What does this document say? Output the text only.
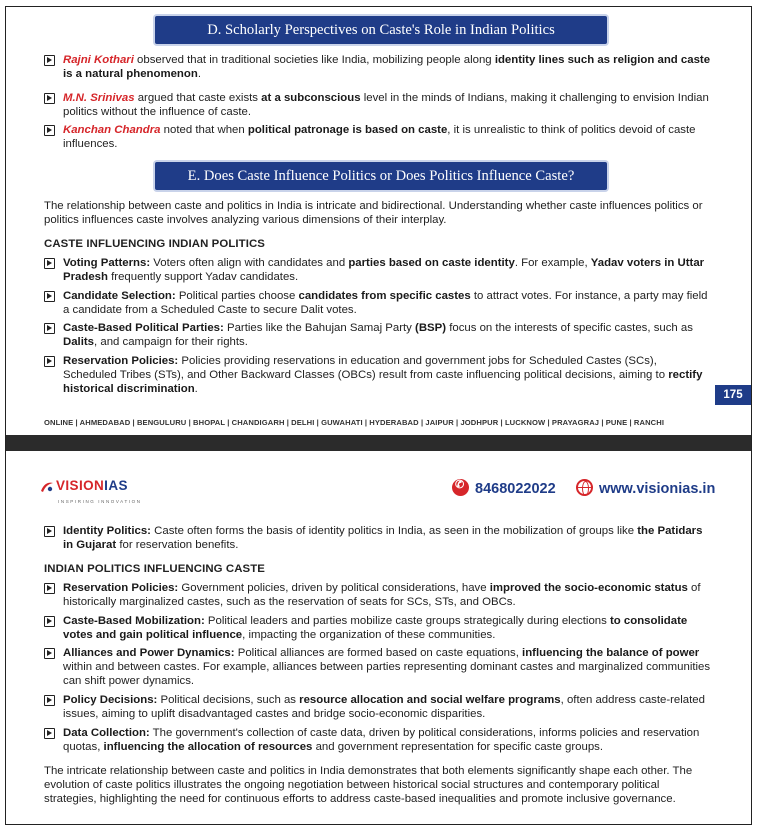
D. Scholarly Perspectives on Caste's Role in Indian Politics
Rajni Kothari observed that in traditional societies like India, mobilizing people along identity lines such as religion and caste is a natural phenomenon.
M.N. Srinivas argued that caste exists at a subconscious level in the minds of Indians, making it challenging to envision Indian politics without the influence of caste.
Kanchan Chandra noted that when political patronage is based on caste, it is unrealistic to think of politics devoid of caste influences.
E. Does Caste Influence Politics or Does Politics Influence Caste?
The relationship between caste and politics in India is intricate and bidirectional. Understanding whether caste influences politics or politics influences caste involves analyzing various dimensions of their interplay.
CASTE INFLUENCING INDIAN POLITICS
Voting Patterns: Voters often align with candidates and parties based on caste identity. For example, Yadav voters in Uttar Pradesh frequently support Yadav candidates.
Candidate Selection: Political parties choose candidates from specific castes to attract votes. For instance, a party may field a candidate from a Scheduled Caste to secure Dalit votes.
Caste-Based Political Parties: Parties like the Bahujan Samaj Party (BSP) focus on the interests of specific castes, such as Dalits, and campaign for their rights.
Reservation Policies: Policies providing reservations in education and government jobs for Scheduled Castes (SCs), Scheduled Tribes (STs), and Other Backward Classes (OBCs) result from caste influencing political decisions, aiming to rectify historical discrimination.	175
ONLINE | AHMEDABAD | BENGULURU | BHOPAL | CHANDIGARH | DELHI | GUWAHATI | HYDERABAD | JAIPUR | JODHPUR | LUCKNOW | PRAYAGRAJ | PUNE | RANCHI
VISIONIAS
INSPIRING INNOVATION
✆8468022022	www.visionias.in
Identity Politics: Caste often forms the basis of identity politics in India, as seen in the mobilization of groups like the Patidars in Gujarat for reservation benefits.
INDIAN POLITICS INFLUENCING CASTE
Reservation Policies: Government policies, driven by political considerations, have improved the socio-economic status of historically marginalized castes, such as the reservation of seats for SCs, STs, and OBCs.
Caste-Based Mobilization: Political leaders and parties mobilize caste groups strategically during elections to consolidate votes and gain political influence, impacting the organization of these communities.
Alliances and Power Dynamics: Political alliances are formed based on caste equations, influencing the balance of power within and between castes. For example, alliances between parties representing dominant castes and marginalized communities can shift power dynamics.
Policy Decisions: Political decisions, such as resource allocation and social welfare programs, often address caste-related issues, aiming to uplift disadvantaged castes and bridge socio-economic disparities.
Data Collection: The government's collection of caste data, driven by political considerations, informs policies and reservation quotas, influencing the allocation of resources and government representation for specific caste groups.
The intricate relationship between caste and politics in India demonstrates that both elements significantly shape each other. The evolution of caste politics illustrates the ongoing negotiation between historical social structures and contemporary political strategies, highlighting the need for continuous efforts to address caste-based inequalities and promote inclusive governance.
